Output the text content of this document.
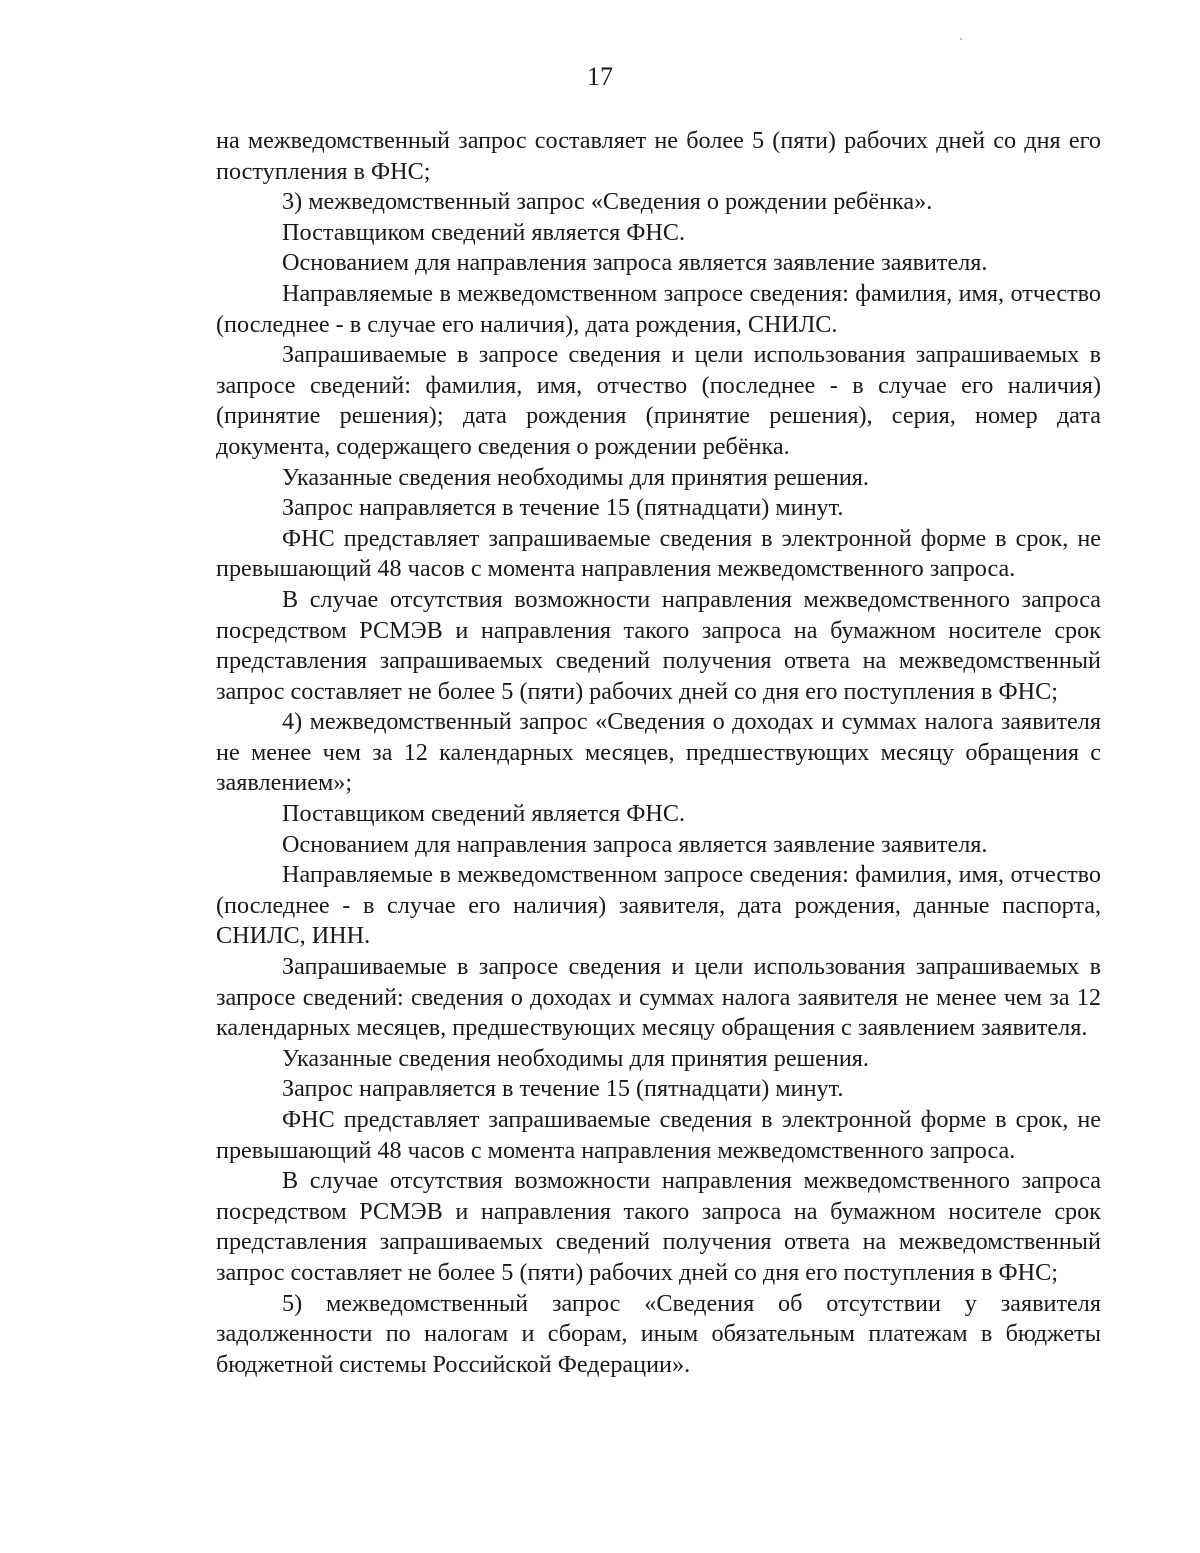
17

на межведомственный запрос составляет не более 5 (пяти) рабочих дней со дня его поступления в ФНС;

3) межведомственный запрос «Сведения о рождении ребёнка».

Поставщиком сведений является ФНС.

Основанием для направления запроса является заявление заявителя.

Направляемые в межведомственном запросе сведения: фамилия, имя, отчество (последнее - в случае его наличия), дата рождения, СНИЛС.

Запрашиваемые в запросе сведения и цели использования запрашиваемых в запросе сведений: фамилия, имя, отчество (последнее - в случае его наличия) (принятие решения); дата рождения (принятие решения), серия, номер дата документа, содержащего сведения о рождении ребёнка.

Указанные сведения необходимы для принятия решения.

Запрос направляется в течение 15 (пятнадцати) минут.

ФНС представляет запрашиваемые сведения в электронной форме в срок, не превышающий 48 часов с момента направления межведомственного запроса.

В случае отсутствия возможности направления межведомственного запроса посредством РСМЭВ и направления такого запроса на бумажном носителе срок представления запрашиваемых сведений получения ответа на межведомственный запрос составляет не более 5 (пяти) рабочих дней со дня его поступления в ФНС;

4) межведомственный запрос «Сведения о доходах и суммах налога заявителя не менее чем за 12 календарных месяцев, предшествующих месяцу обращения с заявлением»;

Поставщиком сведений является ФНС.

Основанием для направления запроса является заявление заявителя.

Направляемые в межведомственном запросе сведения: фамилия, имя, отчество (последнее - в случае его наличия) заявителя, дата рождения, данные паспорта, СНИЛС, ИНН.

Запрашиваемые в запросе сведения и цели использования запрашиваемых в запросе сведений: сведения о доходах и суммах налога заявителя не менее чем за 12 календарных месяцев, предшествующих месяцу обращения с заявлением заявителя.

Указанные сведения необходимы для принятия решения.

Запрос направляется в течение 15 (пятнадцати) минут.

ФНС представляет запрашиваемые сведения в электронной форме в срок, не превышающий 48 часов с момента направления межведомственного запроса.

В случае отсутствия возможности направления межведомственного запроса посредством РСМЭВ и направления такого запроса на бумажном носителе срок представления запрашиваемых сведений получения ответа на межведомственный запрос составляет не более 5 (пяти) рабочих дней со дня его поступления в ФНС;

5) межведомственный запрос «Сведения об отсутствии у заявителя задолженности по налогам и сборам, иным обязательным платежам в бюджеты бюджетной системы Российской Федерации».
